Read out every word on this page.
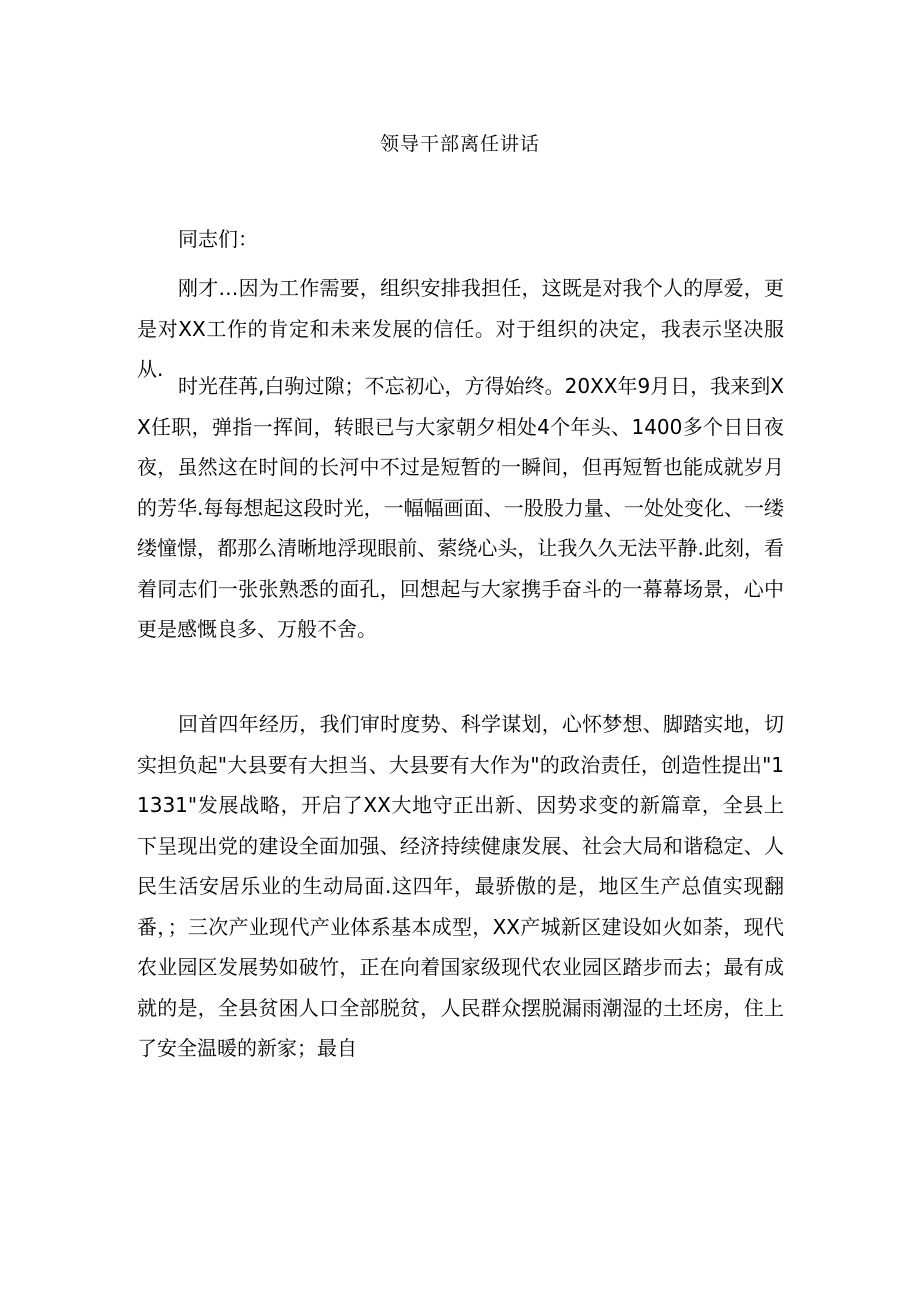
领导干部离任讲话
同志们：
刚才…因为工作需要，组织安排我担任，这既是对我个人的厚爱，更是对XX工作的肯定和未来发展的信任。对于组织的决定，我表示坚决服从.
时光荏苒,白驹过隙；不忘初心，方得始终。20XX年9月日，我来到XX任职，弹指一挥间，转眼已与大家朝夕相处4个年头、1400多个日日夜夜，虽然这在时间的长河中不过是短暂的一瞬间，但再短暂也能成就岁月的芳华.每每想起这段时光，一幅幅画面、一股股力量、一处处变化、一缕缕憧憬，都那么清晰地浮现眼前、萦绕心头，让我久久无法平静.此刻，看着同志们一张张熟悉的面孔，回想起与大家携手奋斗的一幕幕场景，心中更是感慨良多、万般不舍。
回首四年经历，我们审时度势、科学谋划，心怀梦想、脚踏实地，切实担负起"大县要有大担当、大县要有大作为"的政治责任，创造性提出"11331"发展战略，开启了XX大地守正出新、因势求变的新篇章，全县上下呈现出党的建设全面加强、经济持续健康发展、社会大局和谐稳定、人民生活安居乐业的生动局面.这四年，最骄傲的是，地区生产总值实现翻番，；三次产业现代产业体系基本成型，XX产城新区建设如火如荼，现代农业园区发展势如破竹，正在向着国家级现代农业园区踏步而去；最有成就的是，全县贫困人口全部脱贫，人民群众摆脱漏雨潮湿的土坯房，住上了安全温暖的新家；最自
